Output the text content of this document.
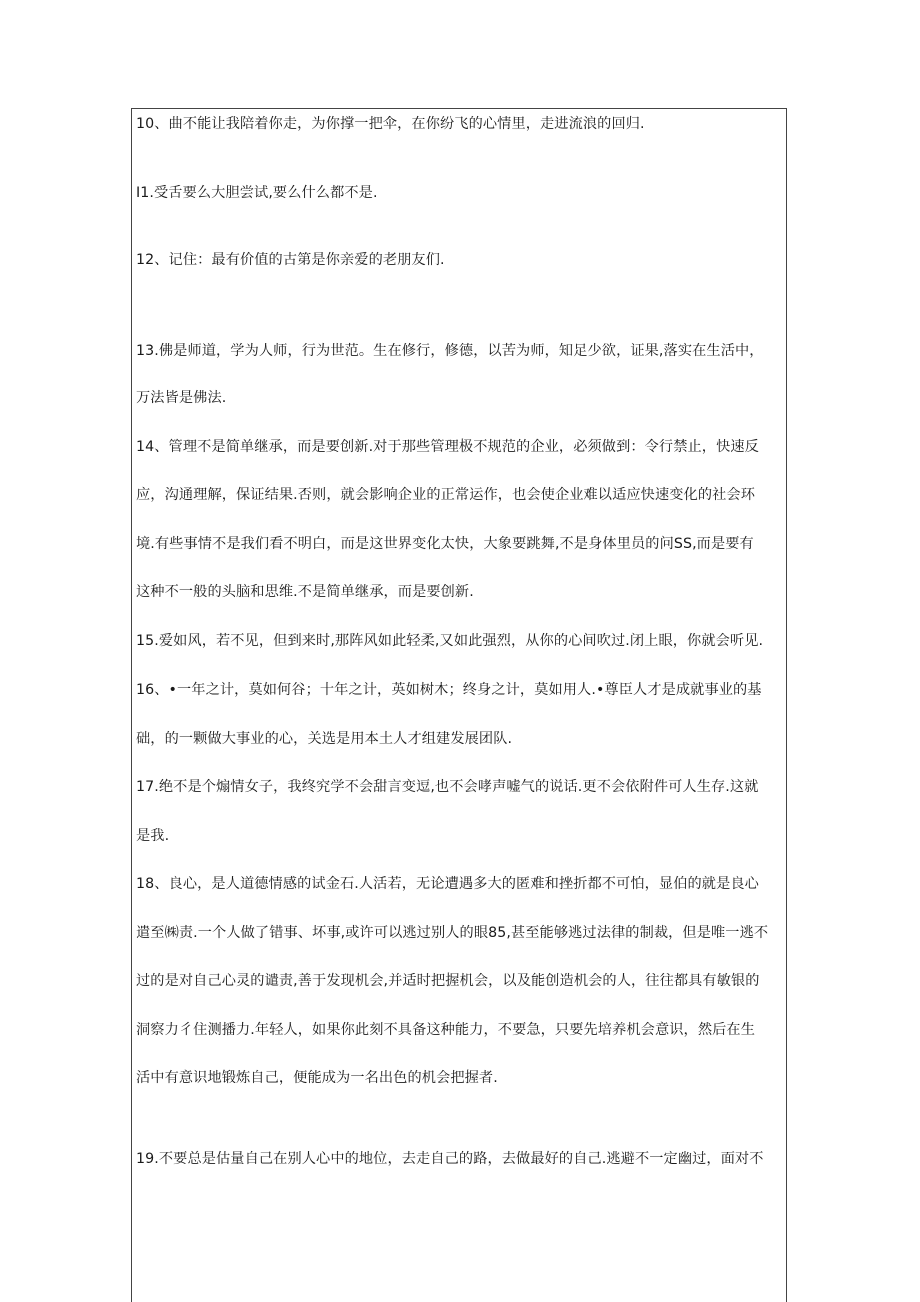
10、曲不能让我陪着你走，为你撑一把伞，在你纷飞的心情里，走进流浪的回归.
I1.受舌要么大胆尝试,要么什么都不是.
12、记住：最有价值的古第是你亲爱的老朋友们.
13.佛是师道，学为人师，行为世范。生在修行，修德，以苦为师，知足少欲，证果,落实在生活中，
万法皆是佛法.
14、管理不是简单继承，而是要创新.对于那些管理极不规范的企业，必须做到：令行禁止，快速反
应，沟通理解，保证结果.否则，就会影响企业的正常运作，也会使企业难以适应快速变化的社会环
境.有些事情不是我们看不明白，而是这世界变化太快，大象要跳舞,不是身体里员的问SS,而是要有
这种不一般的头脑和思维.不是简单继承，而是要创新.
15.爱如风，若不见，但到来时,那阵风如此轻柔,又如此强烈，从你的心间吹过.闭上眼，你就会听见.
16、•一年之计，莫如何谷；十年之计，英如树木；终身之计，莫如用人.•尊臣人才是成就事业的基
础，的一颗做大事业的心，关选是用本土人才组建发展团队.
17.绝不是个煽情女子，我终究学不会甜言变逗,也不会哮声嘘气的说话.更不会依附件可人生存.这就
是我.
18、良心，是人道德情感的试金石.人活若，无论遭遇多大的匿难和挫折都不可怕，显伯的就是良心
遣至㈱责.一个人做了错事、坏事,或许可以逃过别人的眼85,甚至能够逃过法律的制裁，但是唯一逃不
过的是对自己心灵的谴责,善于发现机会,并适时把握机会，以及能创造机会的人，往往都具有敏银的
洞察力彳住测播力.年轻人，如果你此刻不具备这种能力，不要急，只要先培养机会意识，然后在生
活中有意识地锻炼自己，便能成为一名出色的机会把握者.
19.不要总是估量自己在别人心中的地位，去走自己的路，去做最好的自己.逃避不一定幽过，面对不
